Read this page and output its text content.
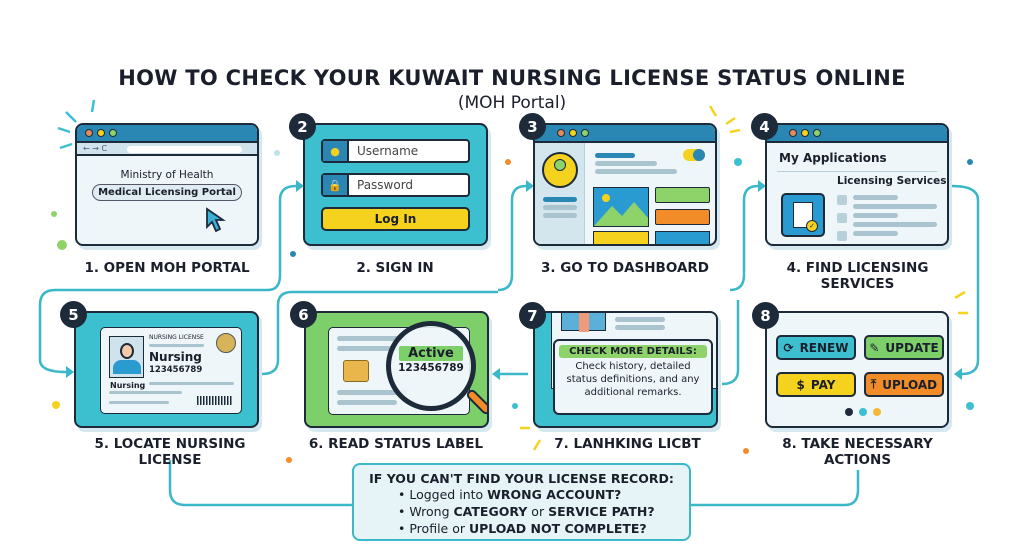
HOW TO CHECK YOUR KUWAIT NURSING LICENSE STATUS ONLINE
(MOH Portal)
← → C
Ministry of Health
Medical Licensing Portal
1. OPEN MOH PORTAL
2
●	Username
🔒	Password
Log In
2. SIGN IN
3
3. GO TO DASHBOARD
4
My Applications
✓
Licensing Services
4. FIND LICENSING SERVICES
5
Nursing
NURSING LICENSE
Nursing
123456789
5. LOCATE NURSING LICENSE
6
Active
123456789
6. READ STATUS LABEL
7
CHECK MORE DETAILS:
Check history, detailed status definitions, and any additional remarks.
7. LANHKING LICBT
8
⟳ RENEW ✎ UPDATE
$ PAY	⤒ UPLOAD
8. TAKE NECESSARY ACTIONS
IF YOU CAN'T FIND YOUR LICENSE RECORD:
• Logged into WRONG ACCOUNT?
• Wrong CATEGORY or SERVICE PATH?
• Profile or UPLOAD NOT COMPLETE?
